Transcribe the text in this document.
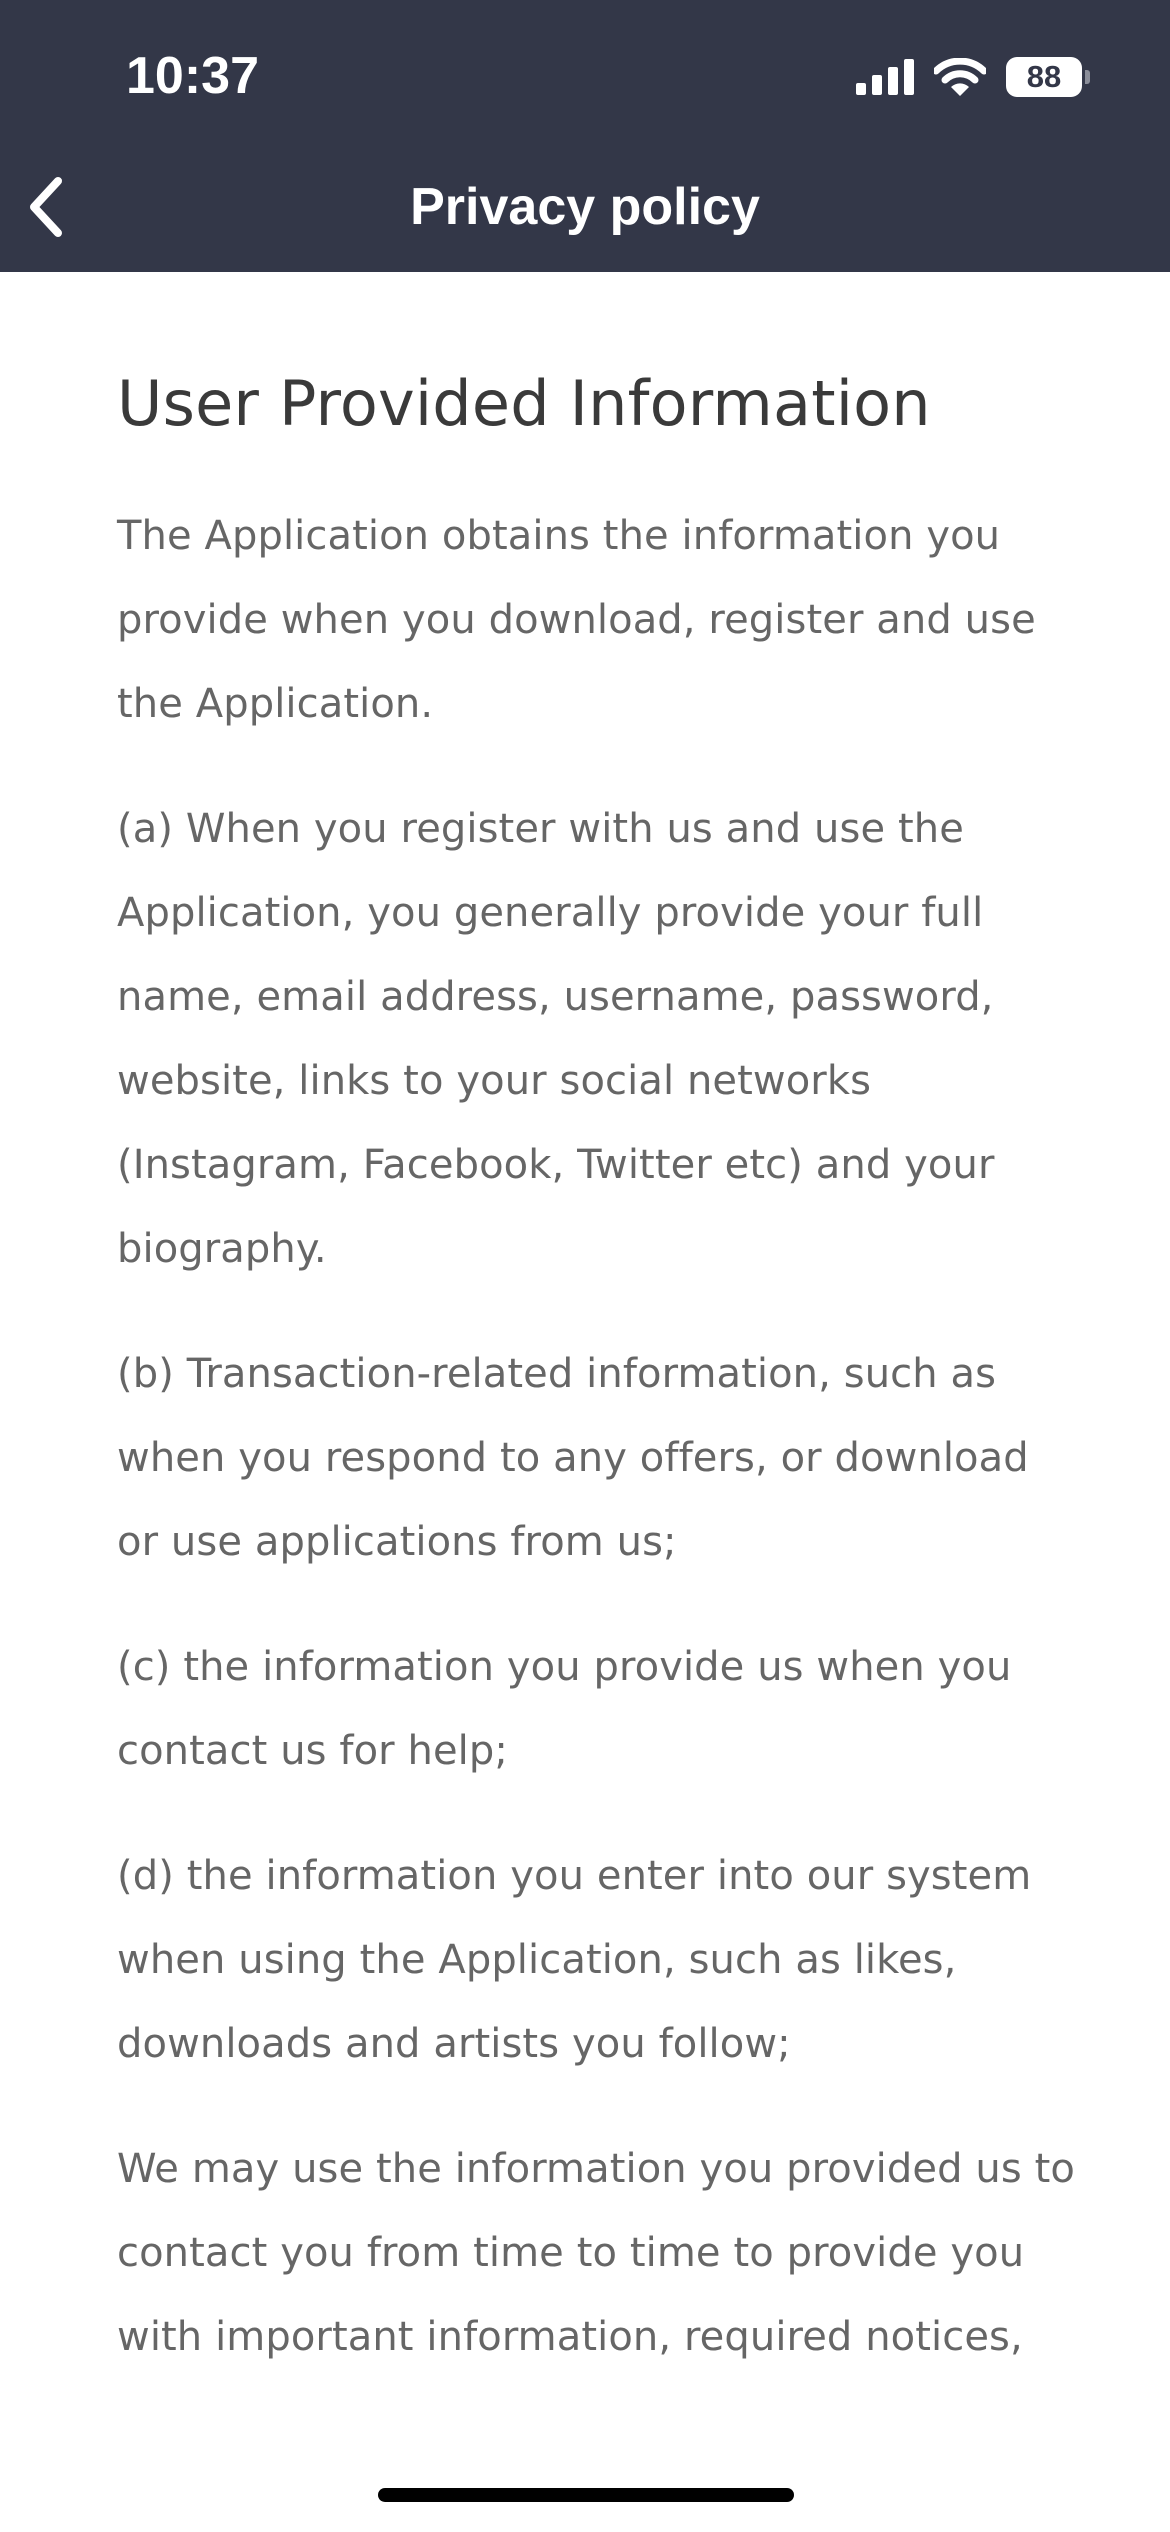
10:37	88
Privacy policy
User Provided Information

The Application obtains the information you provide when you download, register and use the Application.

(a) When you register with us and use the Application, you generally provide your full name, email address, username, password, website, links to your social networks (Instagram, Facebook, Twitter etc) and your biography.

(b) Transaction-related information, such as when you respond to any offers, or download or use applications from us;

(c) the information you provide us when you contact us for help;

(d) the information you enter into our system when using the Application, such as likes, downloads and artists you follow;

We may use the information you provided us to contact you from time to time to provide you with important information, required notices,
